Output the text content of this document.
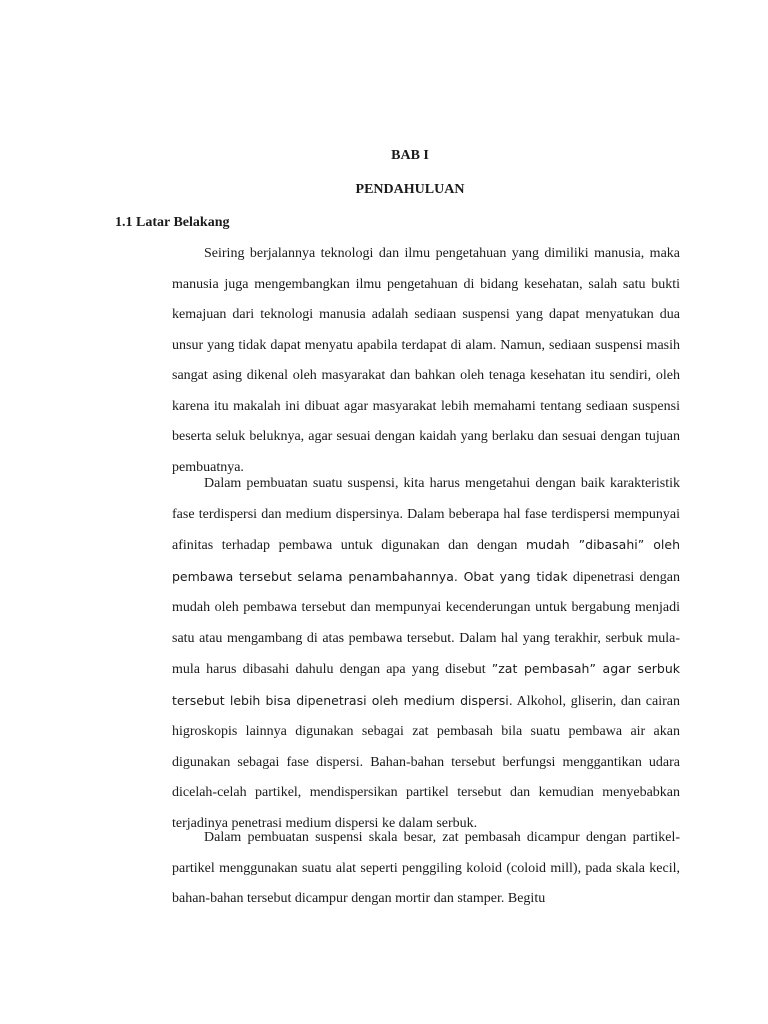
BAB I
PENDAHULUAN
1.1 Latar Belakang

Seiring berjalannya teknologi dan ilmu pengetahuan yang dimiliki manusia, maka manusia juga mengembangkan ilmu pengetahuan di bidang kesehatan, salah satu bukti kemajuan dari teknologi manusia adalah sediaan suspensi yang dapat menyatukan dua unsur yang tidak dapat menyatu apabila terdapat di alam. Namun, sediaan suspensi masih sangat asing dikenal oleh masyarakat dan bahkan oleh tenaga kesehatan itu sendiri, oleh karena itu makalah ini dibuat agar masyarakat lebih memahami tentang sediaan suspensi beserta seluk beluknya, agar sesuai dengan kaidah yang berlaku dan sesuai dengan tujuan pembuatnya.

Dalam pembuatan suatu suspensi, kita harus mengetahui dengan baik karakteristik fase terdispersi dan medium dispersinya. Dalam beberapa hal fase terdispersi mempunyai afinitas terhadap pembawa untuk digunakan dan dengan mudah ”dibasahi” oleh pembawa tersebut selama penambahannya. Obat yang tidak dipenetrasi dengan mudah oleh pembawa tersebut dan mempunyai kecenderungan untuk bergabung menjadi satu atau mengambang di atas pembawa tersebut. Dalam hal yang terakhir, serbuk mula-mula harus dibasahi dahulu dengan apa yang disebut ”zat pembasah” agar serbuk tersebut lebih bisa dipenetrasi oleh medium dispersi. Alkohol, gliserin, dan cairan higroskopis lainnya digunakan sebagai zat pembasah bila suatu pembawa air akan digunakan sebagai fase dispersi. Bahan-bahan tersebut berfungsi menggantikan udara dicelah-celah partikel, mendispersikan partikel tersebut dan kemudian menyebabkan terjadinya penetrasi medium dispersi ke dalam serbuk.

Dalam pembuatan suspensi skala besar, zat pembasah dicampur dengan partikel-partikel menggunakan suatu alat seperti penggiling koloid (coloid mill), pada skala kecil, bahan-bahan tersebut dicampur dengan mortir dan stamper. Begitu
